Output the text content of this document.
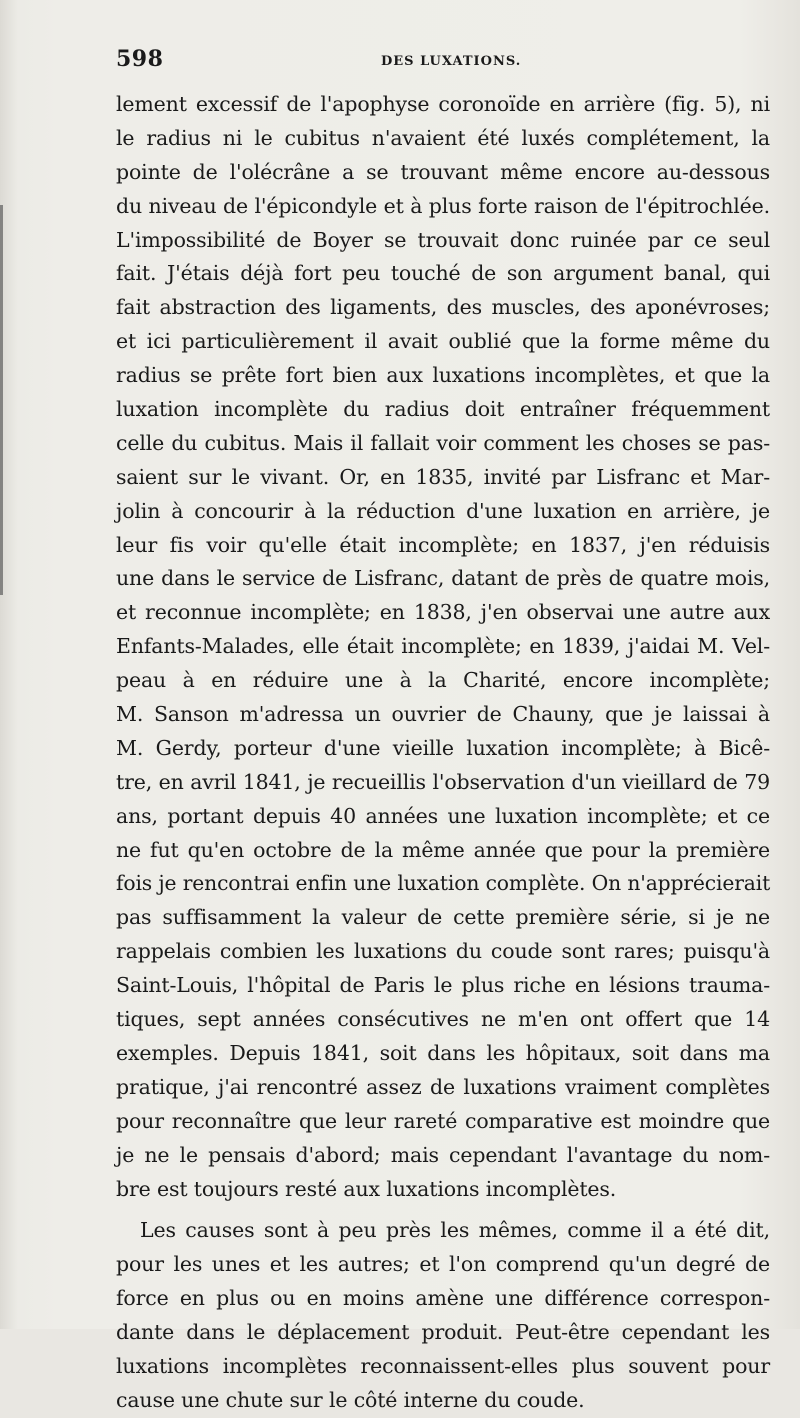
598	DES LUXATIONS.
lement excessif de l'apophyse coronoïde en arrière (fig. 5), ni
le radius ni le cubitus n'avaient été luxés complétement, la
pointe de l'olécrâne a se trouvant même encore au-dessous
du niveau de l'épicondyle et à plus forte raison de l'épitrochlée.
L'impossibilité de Boyer se trouvait donc ruinée par ce seul
fait. J'étais déjà fort peu touché de son argument banal, qui
fait abstraction des ligaments, des muscles, des aponévroses;
et ici particulièrement il avait oublié que la forme même du
radius se prête fort bien aux luxations incomplètes, et que la
luxation incomplète du radius doit entraîner fréquemment
celle du cubitus. Mais il fallait voir comment les choses se pas-
saient sur le vivant. Or, en 1835, invité par Lisfranc et Mar-
jolin à concourir à la réduction d'une luxation en arrière, je
leur fis voir qu'elle était incomplète; en 1837, j'en réduisis
une dans le service de Lisfranc, datant de près de quatre mois,
et reconnue incomplète; en 1838, j'en observai une autre aux
Enfants-Malades, elle était incomplète; en 1839, j'aidai M. Vel-
peau à en réduire une à la Charité, encore incomplète;
M. Sanson m'adressa un ouvrier de Chauny, que je laissai à
M. Gerdy, porteur d'une vieille luxation incomplète; à Bicê-
tre, en avril 1841, je recueillis l'observation d'un vieillard de 79
ans, portant depuis 40 années une luxation incomplète; et ce
ne fut qu'en octobre de la même année que pour la première
fois je rencontrai enfin une luxation complète. On n'apprécierait
pas suffisamment la valeur de cette première série, si je ne
rappelais combien les luxations du coude sont rares; puisqu'à
Saint-Louis, l'hôpital de Paris le plus riche en lésions trauma-
tiques, sept années consécutives ne m'en ont offert que 14
exemples. Depuis 1841, soit dans les hôpitaux, soit dans ma
pratique, j'ai rencontré assez de luxations vraiment complètes
pour reconnaître que leur rareté comparative est moindre que
je ne le pensais d'abord; mais cependant l'avantage du nom-
bre est toujours resté aux luxations incomplètes.
Les causes sont à peu près les mêmes, comme il a été dit,
pour les unes et les autres; et l'on comprend qu'un degré de
force en plus ou en moins amène une différence correspon-
dante dans le déplacement produit. Peut-être cependant les
luxations incomplètes reconnaissent-elles plus souvent pour
cause une chute sur le côté interne du coude.
